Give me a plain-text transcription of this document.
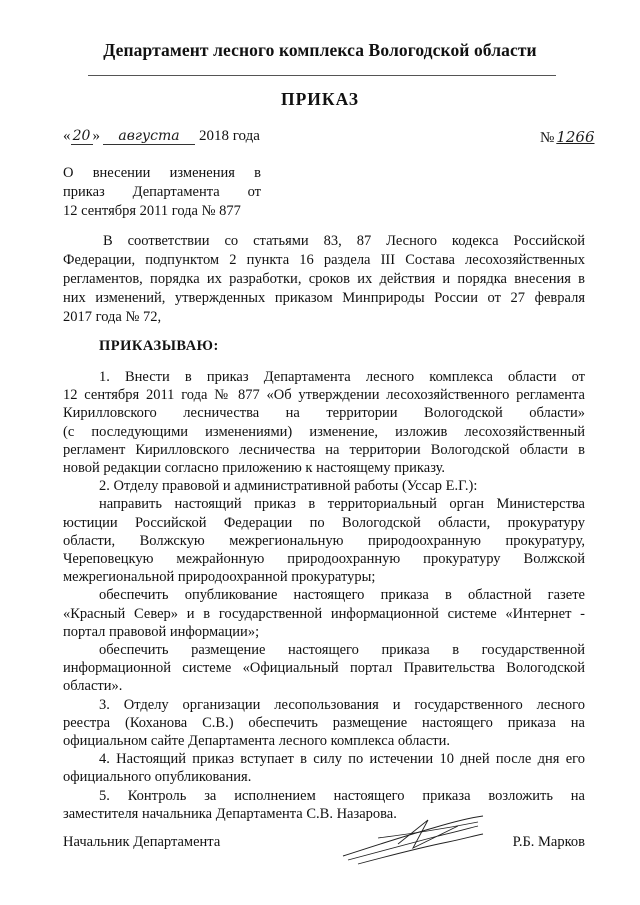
Департамент лесного комплекса Вологодской области
ПРИКАЗ
« 20 » августа 2018 года	№ 1266
О внесении изменения в
приказ Департамента от
12 сентября 2011 года № 877
В соответствии со статьями 83, 87 Лесного кодекса Российской
Федерации, подпунктом 2 пункта 16 раздела III Состава лесохозяйственных
регламентов, порядка их разработки, сроков их действия и порядка внесения в
них изменений, утвержденных приказом Минприроды России от 27 февраля
2017 года № 72,
ПРИКАЗЫВАЮ:
1. Внести в приказ Департамента лесного комплекса области от
12 сентября 2011 года № 877 «Об утверждении лесохозяйственного регламента
Кирилловского лесничества на территории Вологодской области»
(с последующими изменениями) изменение, изложив лесохозяйственный
регламент Кирилловского лесничества на территории Вологодской области в
новой редакции согласно приложению к настоящему приказу.
2. Отделу правовой и административной работы (Уссар Е.Г.):
направить настоящий приказ в территориальный орган Министерства
юстиции Российской Федерации по Вологодской области, прокуратуру
области, Волжскую межрегиональную природоохранную прокуратуру,
Череповецкую межрайонную природоохранную прокуратуру Волжской
межрегиональной природоохранной прокуратуры;
обеспечить опубликование настоящего приказа в областной газете
«Красный Север» и в государственной информационной системе «Интернет -
портал правовой информации»;
обеспечить размещение настоящего приказа в государственной
информационной системе «Официальный портал Правительства Вологодской
области».
3. Отделу организации лесопользования и государственного лесного
реестра (Коханова С.В.) обеспечить размещение настоящего приказа на
официальном сайте Департамента лесного комплекса области.
4. Настоящий приказ вступает в силу по истечении 10 дней после дня его
официального опубликования.
5. Контроль за исполнением настоящего приказа возложить на
заместителя начальника Департамента С.В. Назарова.
Начальник Департамента	Р.Б. Марков
